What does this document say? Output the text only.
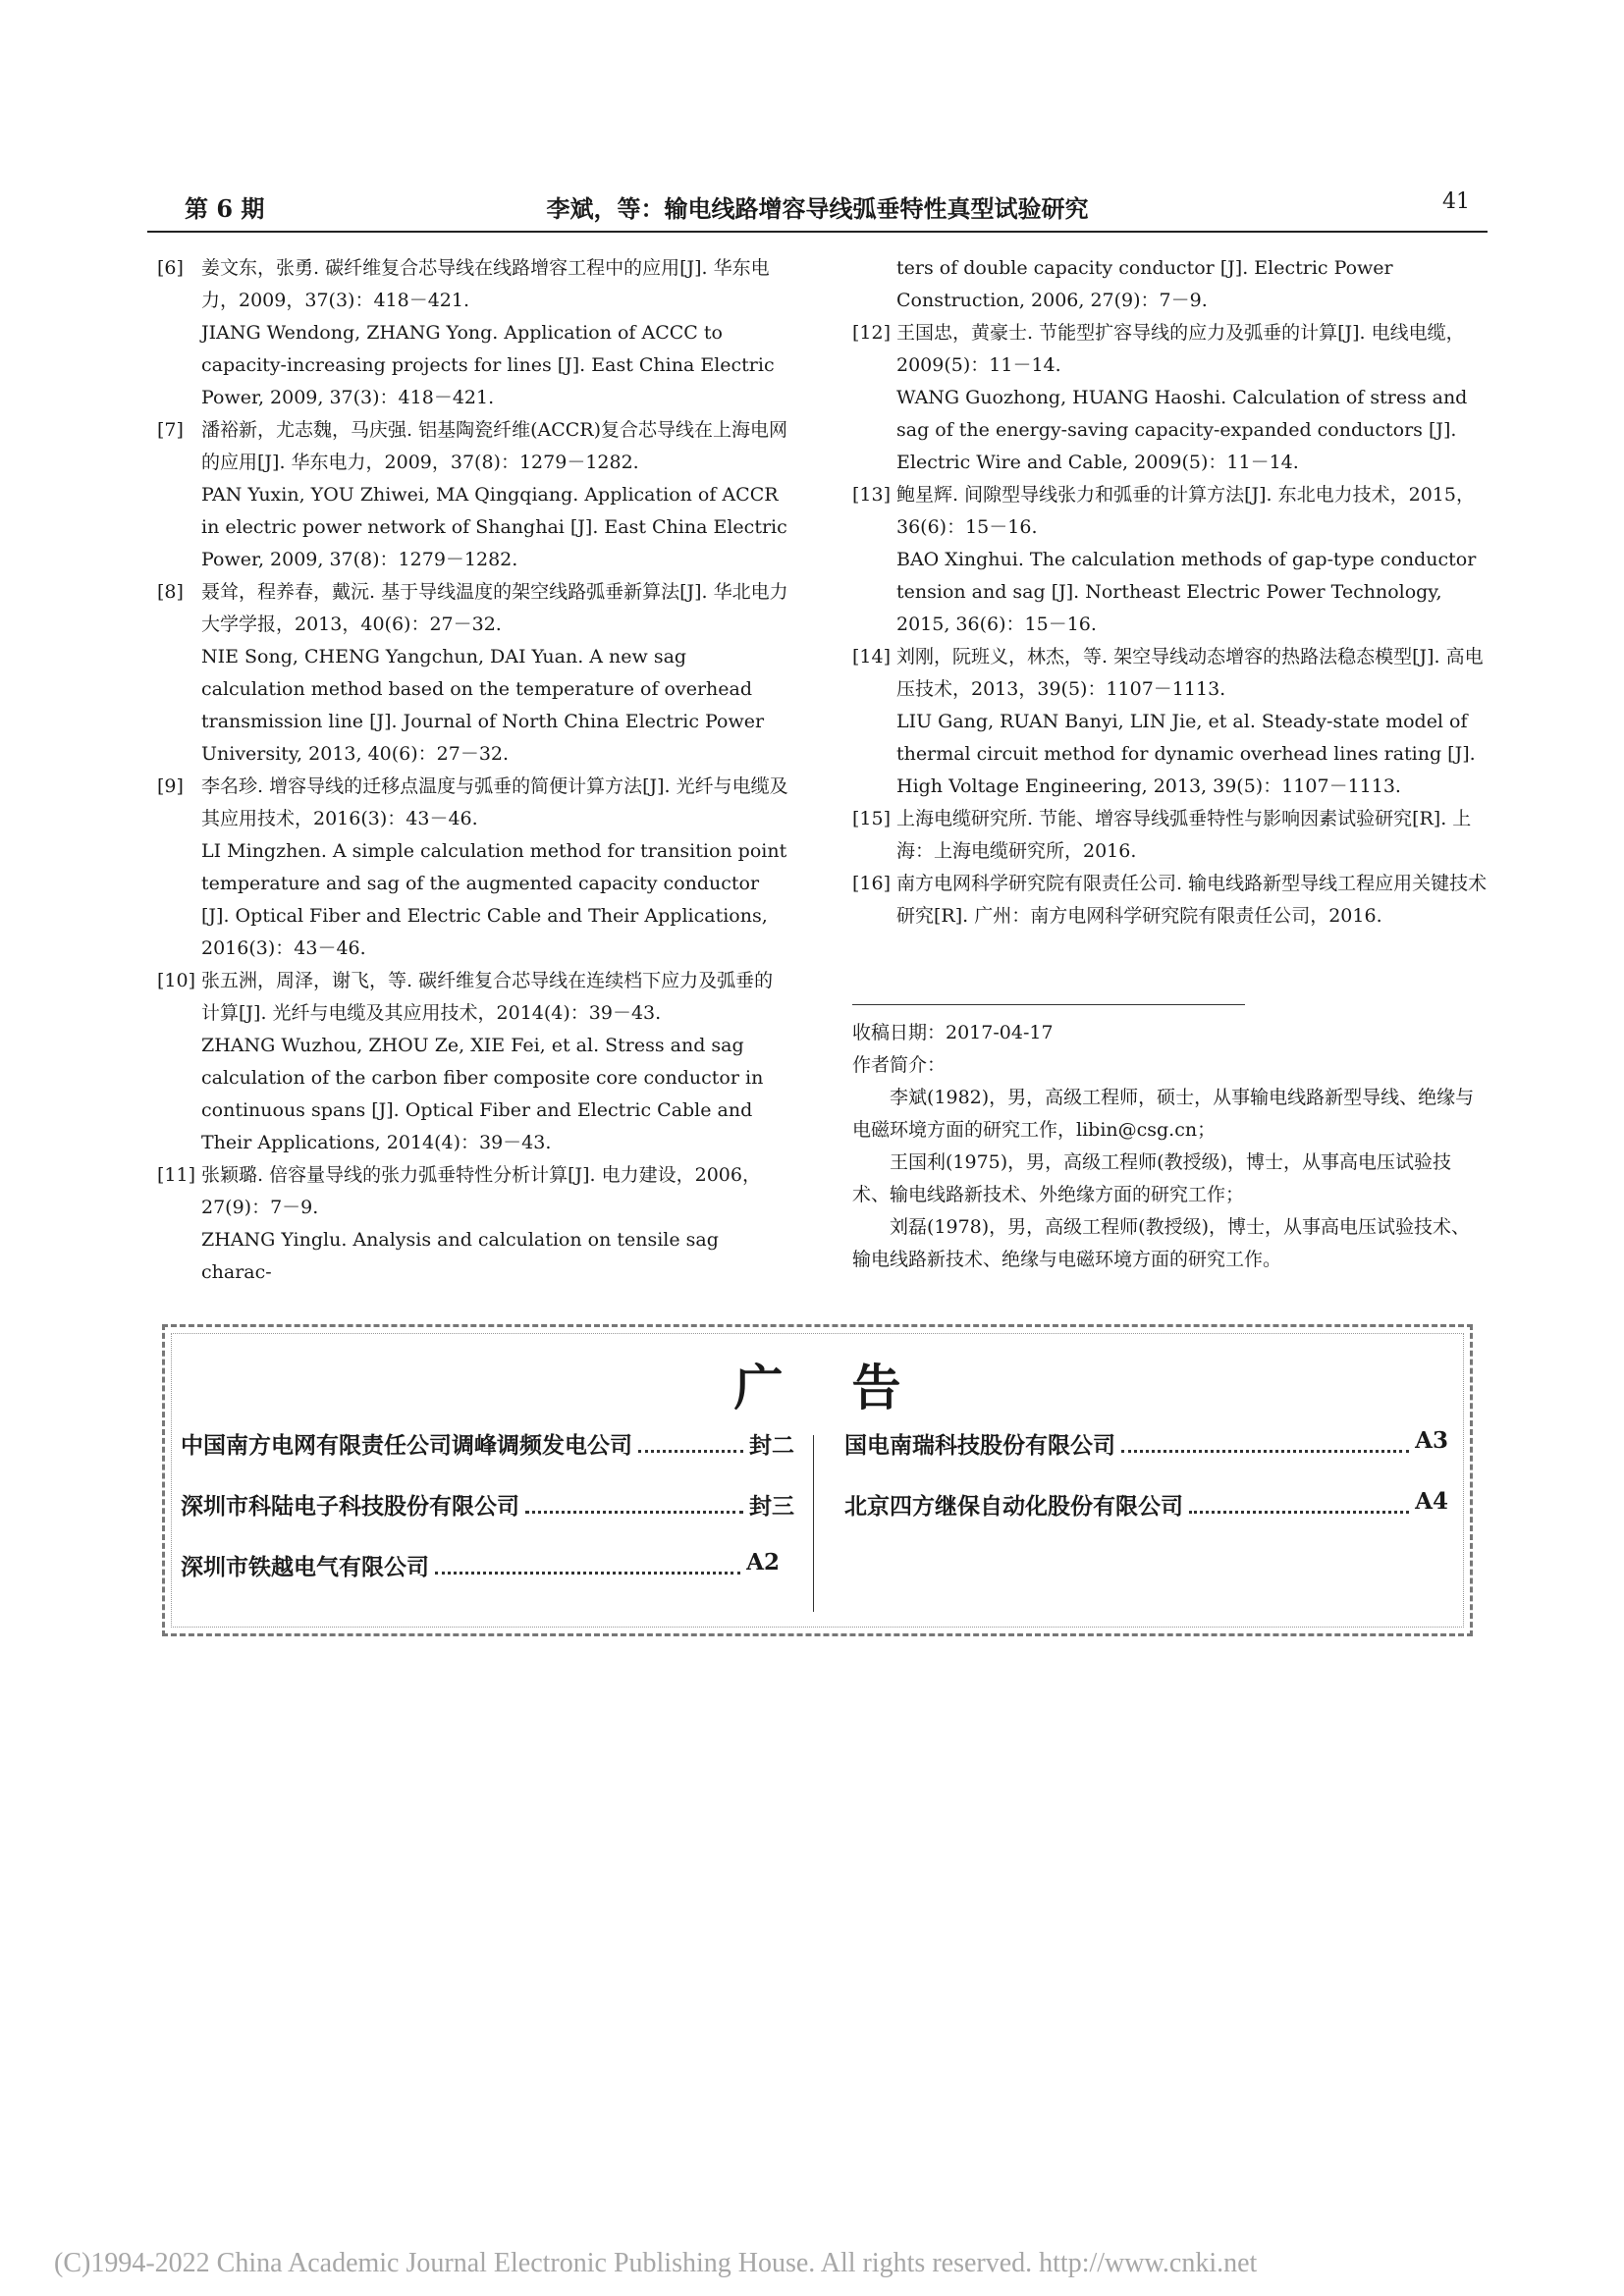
第 6 期	李斌，等：输电线路增容导线弧垂特性真型试验研究	41
[6] 姜文东，张勇. 碳纤维复合芯导线在线路增容工程中的应用[J]. 华东电力，2009，37(3)：418－421.
JIANG Wendong, ZHANG Yong. Application of ACCC to capacity-increasing projects for lines [J]. East China Electric Power, 2009, 37(3)：418－421.
[7] 潘裕新，尤志魏，马庆强. 铝基陶瓷纤维(ACCR)复合芯导线在上海电网的应用[J]. 华东电力，2009，37(8)：1279－1282.
PAN Yuxin, YOU Zhiwei, MA Qingqiang. Application of ACCR in electric power network of Shanghai [J]. East China Electric Power, 2009, 37(8)：1279－1282.
[8] 聂耸，程养春，戴沅. 基于导线温度的架空线路弧垂新算法[J]. 华北电力大学学报，2013，40(6)：27－32.
NIE Song, CHENG Yangchun, DAI Yuan. A new sag calculation method based on the temperature of overhead transmission line [J]. Journal of North China Electric Power University, 2013, 40(6)：27－32.
[9] 李名珍. 增容导线的迁移点温度与弧垂的简便计算方法[J]. 光纤与电缆及其应用技术，2016(3)：43－46.
LI Mingzhen. A simple calculation method for transition point temperature and sag of the augmented capacity conductor [J]. Optical Fiber and Electric Cable and Their Applications, 2016(3)：43－46.
[10] 张五洲，周泽，谢飞，等. 碳纤维复合芯导线在连续档下应力及弧垂的计算[J]. 光纤与电缆及其应用技术，2014(4)：39－43.
ZHANG Wuzhou, ZHOU Ze, XIE Fei, et al. Stress and sag calculation of the carbon fiber composite core conductor in continuous spans [J]. Optical Fiber and Electric Cable and Their Applications, 2014(4)：39－43.
[11] 张颖璐. 倍容量导线的张力弧垂特性分析计算[J]. 电力建设，2006，27(9)：7－9.
ZHANG Yinglu. Analysis and calculation on tensile sag charac-
ters of double capacity conductor [J]. Electric Power Construction, 2006, 27(9)：7－9.
[12] 王国忠，黄豪士. 节能型扩容导线的应力及弧垂的计算[J]. 电线电缆，2009(5)：11－14.
WANG Guozhong, HUANG Haoshi. Calculation of stress and sag of the energy-saving capacity-expanded conductors [J]. Electric Wire and Cable, 2009(5)：11－14.
[13] 鲍星辉. 间隙型导线张力和弧垂的计算方法[J]. 东北电力技术，2015，36(6)：15－16.
BAO Xinghui. The calculation methods of gap-type conductor tension and sag [J]. Northeast Electric Power Technology, 2015, 36(6)：15－16.
[14] 刘刚，阮班义，林杰，等. 架空导线动态增容的热路法稳态模型[J]. 高电压技术，2013，39(5)：1107－1113.
LIU Gang, RUAN Banyi, LIN Jie, et al. Steady-state model of thermal circuit method for dynamic overhead lines rating [J]. High Voltage Engineering, 2013, 39(5)：1107－1113.
[15] 上海电缆研究所. 节能、增容导线弧垂特性与影响因素试验研究[R]. 上海：上海电缆研究所，2016.
[16] 南方电网科学研究院有限责任公司. 输电线路新型导线工程应用关键技术研究[R]. 广州：南方电网科学研究院有限责任公司，2016.
收稿日期：2017-04-17
作者简介：
李斌(1982)，男，高级工程师，硕士，从事输电线路新型导线、绝缘与电磁环境方面的研究工作，libin@csg.cn；
王国利(1975)，男，高级工程师(教授级)，博士，从事高电压试验技术、输电线路新技术、外绝缘方面的研究工作；
刘磊(1978)，男，高级工程师(教授级)，博士，从事高电压试验技术、输电线路新技术、绝缘与电磁环境方面的研究工作。
广告
中国南方电网有限责任公司调峰调频发电公司	封二
深圳市科陆电子科技股份有限公司	封三
深圳市铁越电气有限公司	A2
国电南瑞科技股份有限公司	A3
北京四方继保自动化股份有限公司	A4
(C)1994-2022 China Academic Journal Electronic Publishing House. All rights reserved. http://www.cnki.net
